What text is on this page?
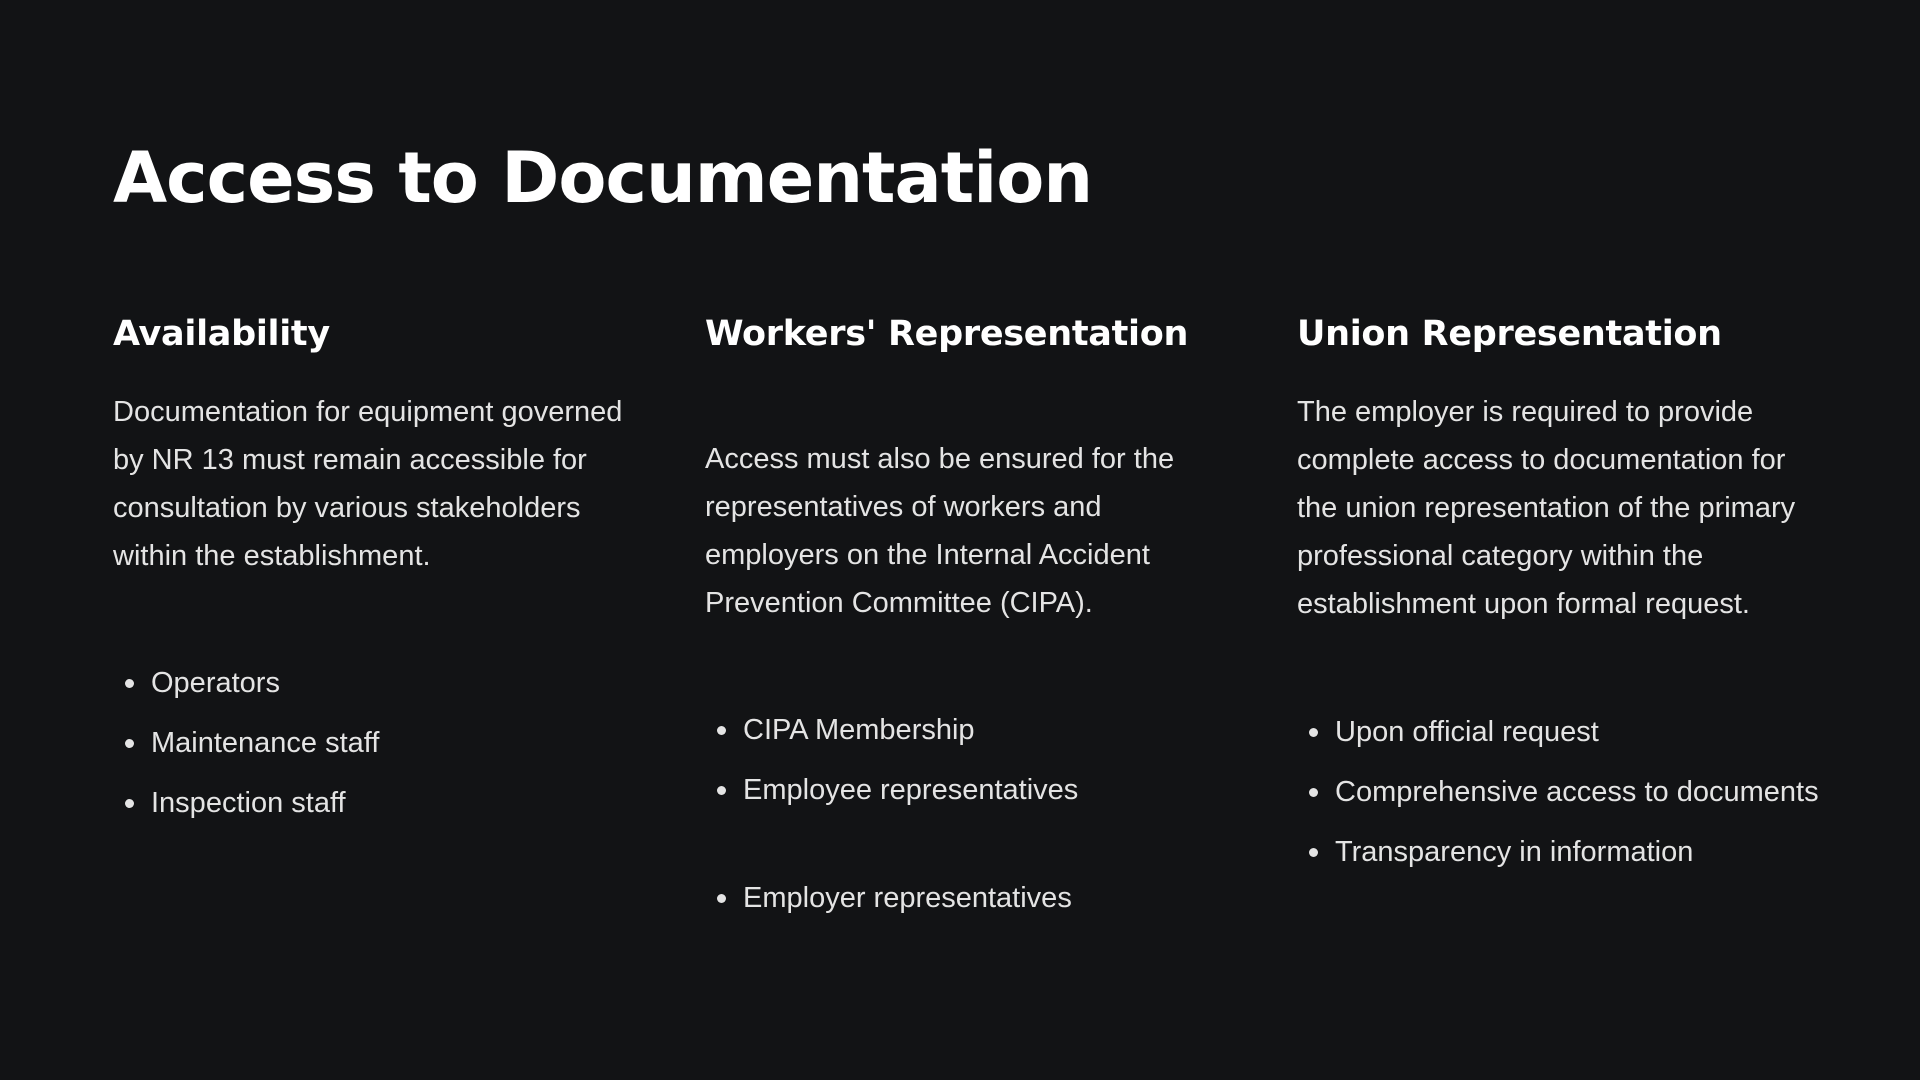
Access to Documentation
Availability

Documentation for equipment governed by NR 13 must remain accessible for consultation by various stakeholders within the establishment.

Operators
Maintenance staff
Inspection staff
Workers' Representation

Access must also be ensured for the representatives of workers and employers on the Internal Accident Prevention Committee (CIPA).

CIPA Membership
Employee representatives
Employer representatives
Union Representation

The employer is required to provide complete access to documentation for the union representation of the primary professional category within the establishment upon formal request.

Upon official request
Comprehensive access to documents
Transparency in information
